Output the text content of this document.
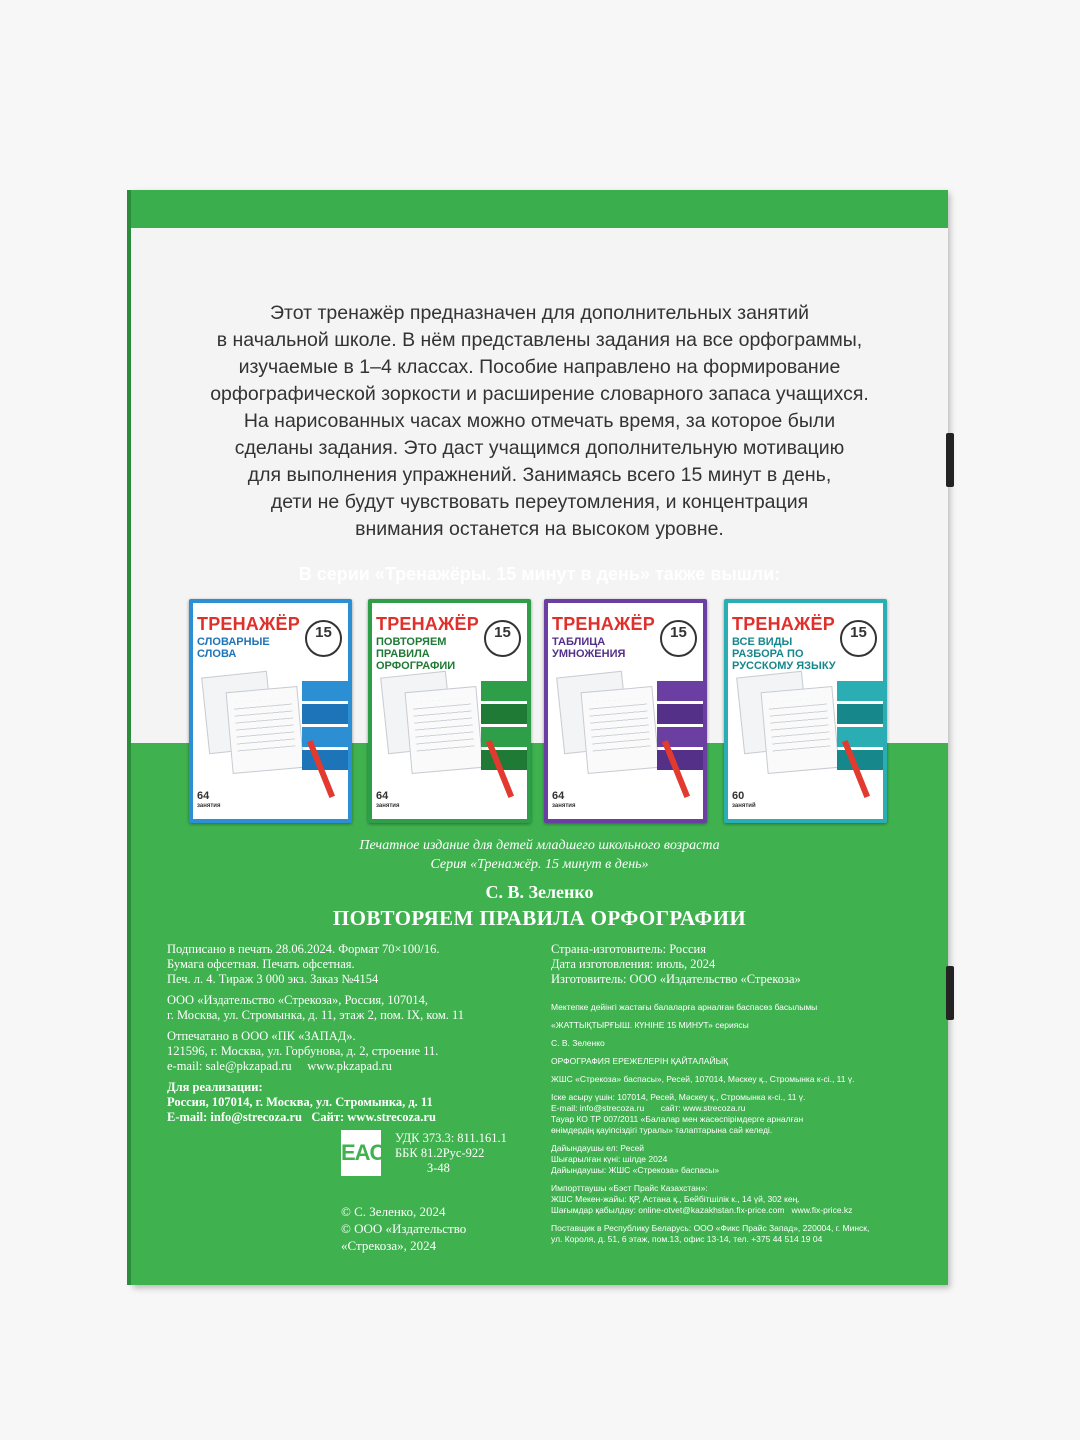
Этот тренажёр предназначен для дополнительных занятий
в начальной школе. В нём представлены задания на все орфограммы,
изучаемые в 1–4 классах. Пособие направлено на формирование
орфографической зоркости и расширение словарного запаса учащихся.
На нарисованных часах можно отмечать время, за которое были
сделаны задания. Это даст учащимся дополнительную мотивацию
для выполнения упражнений. Занимаясь всего 15 минут в день,
дети не будут чувствовать переутомления, и концентрация
внимания останется на высоком уровне.
В серии «Тренажёры. 15 минут в день» также вышли:
ТРЕНАЖЁР
СЛОВАРНЫЕ СЛОВА
15
64
занятия
ТРЕНАЖЁР
ПОВТОРЯЕМ ПРАВИЛА ОРФОГРАФИИ
15
64
занятия
ТРЕНАЖЁР
ТАБЛИЦА УМНОЖЕНИЯ
15
64
занятия
ТРЕНАЖЁР
ВСЕ ВИДЫ РАЗБОРА ПО РУССКОМУ ЯЗЫКУ
15
60
занятий
Печатное издание для детей младшего школьного возраста
Серия «Тренажёр. 15 минут в день»
С. В. Зеленко
ПОВТОРЯЕМ ПРАВИЛА ОРФОГРАФИИ
Подписано в печать 28.06.2024. Формат 70×100/16.
Бумага офсетная. Печать офсетная.
Печ. л. 4. Тираж 3 000 экз. Заказ №4154
ООО «Издательство «Стрекоза», Россия, 107014,
г. Москва, ул. Стромынка, д. 11, этаж 2, пом. IX, ком. 11
Отпечатано в ООО «ПК «ЗАПАД».
121596, г. Москва, ул. Горбунова, д. 2, строение 11.
e-mail: sale@pkzapad.ru     www.pkzapad.ru
Для реализации:
Россия, 107014, г. Москва, ул. Стромынка, д. 11
E-mail: info@strecoza.ru   Сайт: www.strecoza.ru
Страна-изготовитель: Россия
Дата изготовления: июль, 2024
Изготовитель: ООО «Издательство «Стрекоза»
Мектепке дейінгі жастағы балаларға арналған баспасөз басылымы
«ЖАТТЫҚТЫРҒЫШ. КҮНІНЕ 15 МИНУТ» сериясы
С. В. Зеленко
ОРФОГРАФИЯ ЕРЕЖЕЛЕРІН ҚАЙТАЛАЙЫҚ
ЖШС «Стрекоза» баспасы», Ресей, 107014, Мәскеу қ., Стромынка к-сі., 11 ү.
Іске асыру үшін: 107014, Ресей, Мәскеу қ., Стромынка к-сі., 11 ү.
E-mail: info@strecoza.ru       сайт: www.strecoza.ru
Тауар КО ТР 007/2011 «Балалар мен жасөспірімдерге арналған
өнімдердің қауіпсіздігі туралы» талаптарына сай келеді.
Дайындаушы ел: Ресей
Шығарылған күні: шілде 2024
Дайындаушы: ЖШС «Стрекоза» баспасы»
Импорттаушы «Бэст Прайс Казахстан»:
ЖШС Мекен-жайы: ҚР, Астана қ., Бейбітшілік к., 14 үй, 302 кең.
Шағымдар қабылдау: online-otvet@kazakhstan.fix-price.com   www.fix-price.kz
Поставщик в Республику Беларусь: ООО «Фикс Прайс Запад», 220004, г. Минск,
ул. Короля, д. 51, 6 этаж, пом.13, офис 13-14, тел. +375 44 514 19 04
EAC
УДК 373.3: 811.161.1
ББК 81.2Рус-922
З-48
© С. Зеленко, 2024
© ООО «Издательство
«Стрекоза», 2024
